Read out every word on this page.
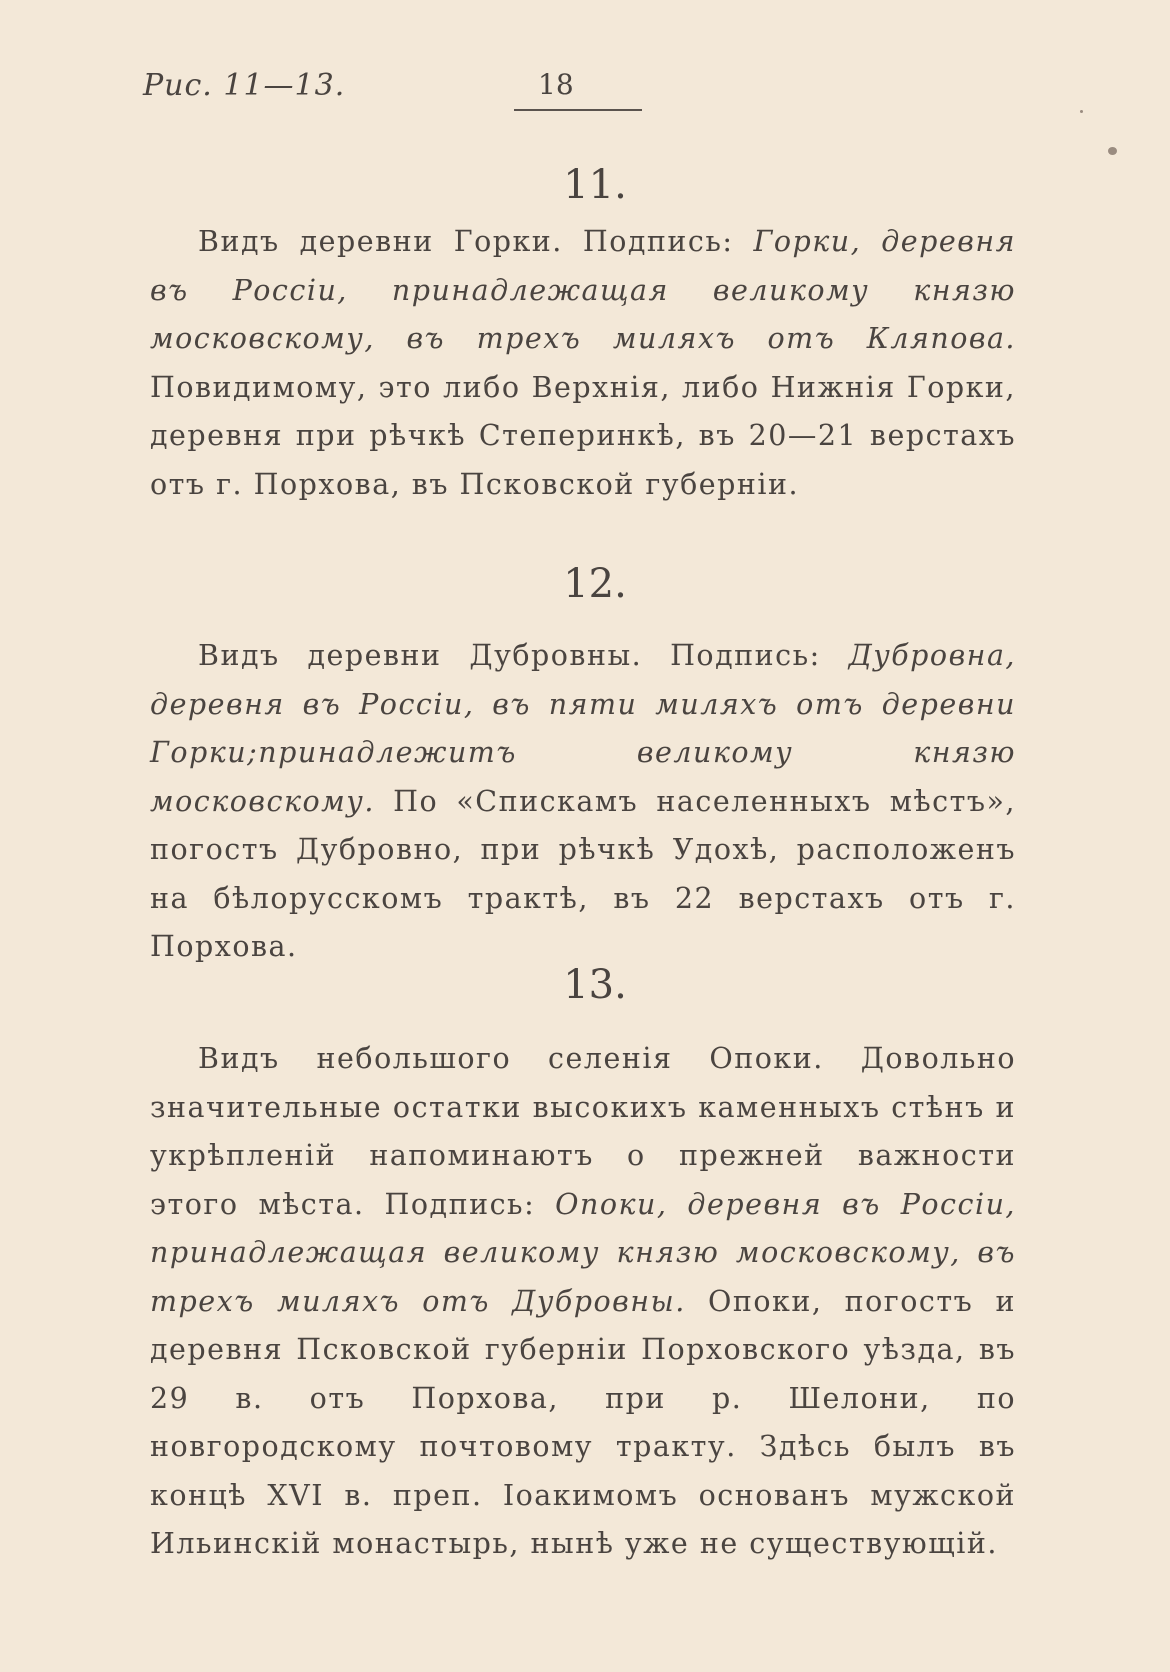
Рис. 11—13.	18
11.

Видъ деревни Горки. Подпись: Горки, деревня въ Россіи, принадлежащая великому князю московскому, въ трехъ миляхъ отъ Кляпова. Повидимому, это либо Верхнія, либо Нижнія Горки, деревня при рѣчкѣ Степеринкѣ, въ 20—21 верстахъ отъ г. Порхова, въ Псковской губерніи.

12.

Видъ деревни Дубровны. Подпись: Дубровна, деревня въ Россіи, въ пяти миляхъ отъ деревни Горки;принадлежитъ великому князю московскому. По «Спискамъ населенныхъ мѣстъ», погостъ Дубровно, при рѣчкѣ Удохѣ, расположенъ на бѣлорусскомъ трактѣ, въ 22 верстахъ отъ г. Порхова.

13.

Видъ небольшого селенія Опоки. Довольно значительные остатки высокихъ каменныхъ стѣнъ и укрѣпленій напоминаютъ о прежней важности этого мѣста. Подпись: Опоки, деревня въ Россіи, принадлежащая великому князю московскому, въ трехъ миляхъ отъ Дубровны. Опоки, погостъ и деревня Псковской губерніи Порховского уѣзда, въ 29 в. отъ Порхова, при р. Шелони, по новгородскому почтовому тракту. Здѣсь былъ въ концѣ XVI в. преп. Іоакимомъ основанъ мужской Ильинскій монастырь, нынѣ уже не существующій.
